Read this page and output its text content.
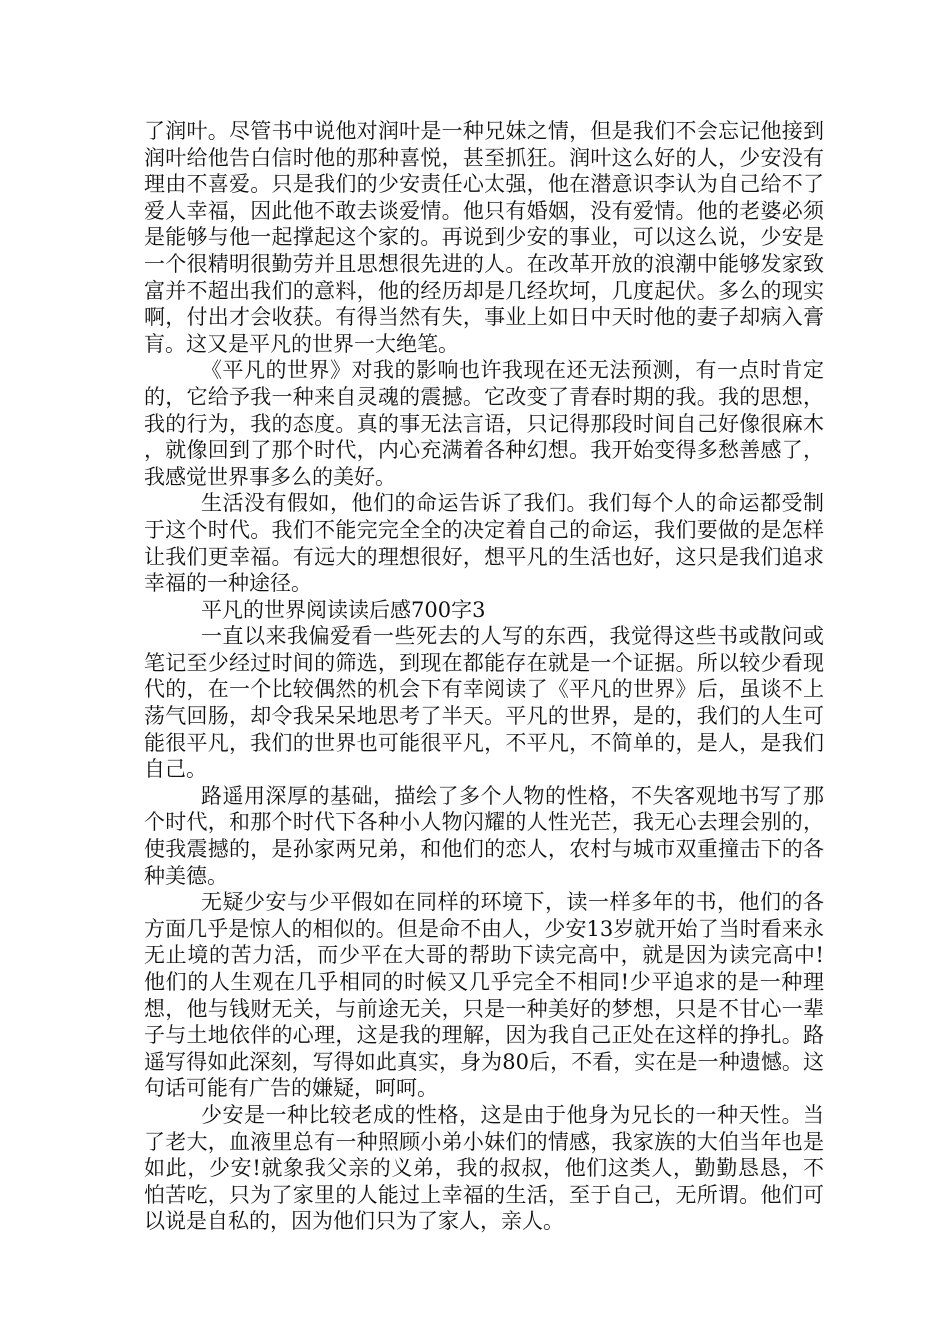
了润叶。尽管书中说他对润叶是一种兄妹之情，但是我们不会忘记他接到润叶给他告白信时他的那种喜悦，甚至抓狂。润叶这么好的人，少安没有理由不喜爱。只是我们的少安责任心太强，他在潜意识李认为自己给不了爱人幸福，因此他不敢去谈爱情。他只有婚姻，没有爱情。他的老婆必须是能够与他一起撑起这个家的。再说到少安的事业，可以这么说，少安是一个很精明很勤劳并且思想很先进的人。在改革开放的浪潮中能够发家致富并不超出我们的意料，他的经历却是几经坎坷，几度起伏。多么的现实啊，付出才会收获。有得当然有失，事业上如日中天时他的妻子却病入膏肓。这又是平凡的世界一大绝笔。

《平凡的世界》对我的影响也许我现在还无法预测，有一点时肯定的，它给予我一种来自灵魂的震撼。它改变了青春时期的我。我的思想，我的行为，我的态度。真的事无法言语，只记得那段时间自己好像很麻木，就像回到了那个时代，内心充满着各种幻想。我开始变得多愁善感了，我感觉世界事多么的美好。

生活没有假如，他们的命运告诉了我们。我们每个人的命运都受制于这个时代。我们不能完完全全的决定着自己的命运，我们要做的是怎样让我们更幸福。有远大的理想很好，想平凡的生活也好，这只是我们追求幸福的一种途径。

平凡的世界阅读读后感700字3

一直以来我偏爱看一些死去的人写的东西，我觉得这些书或散问或笔记至少经过时间的筛选，到现在都能存在就是一个证据。所以较少看现代的，在一个比较偶然的机会下有幸阅读了《平凡的世界》后，虽谈不上荡气回肠，却令我呆呆地思考了半天。平凡的世界，是的，我们的人生可能很平凡，我们的世界也可能很平凡，不平凡，不简单的，是人，是我们自己。

路遥用深厚的基础，描绘了多个人物的性格，不失客观地书写了那个时代，和那个时代下各种小人物闪耀的人性光芒，我无心去理会别的，使我震撼的，是孙家两兄弟，和他们的恋人，农村与城市双重撞击下的各种美德。

无疑少安与少平假如在同样的环境下，读一样多年的书，他们的各方面几乎是惊人的相似的。但是命不由人，少安13岁就开始了当时看来永无止境的苦力活，而少平在大哥的帮助下读完高中，就是因为读完高中!他们的人生观在几乎相同的时候又几乎完全不相同!少平追求的是一种理想，他与钱财无关，与前途无关，只是一种美好的梦想，只是不甘心一辈子与土地依伴的心理，这是我的理解，因为我自己正处在这样的挣扎。路遥写得如此深刻，写得如此真实，身为80后，不看，实在是一种遗憾。这句话可能有广告的嫌疑，呵呵。

少安是一种比较老成的性格，这是由于他身为兄长的一种天性。当了老大，血液里总有一种照顾小弟小妹们的情感，我家族的大伯当年也是如此，少安!就象我父亲的义弟，我的叔叔，他们这类人，勤勤恳恳，不怕苦吃，只为了家里的人能过上幸福的生活，至于自己，无所谓。他们可以说是自私的，因为他们只为了家人，亲人。
